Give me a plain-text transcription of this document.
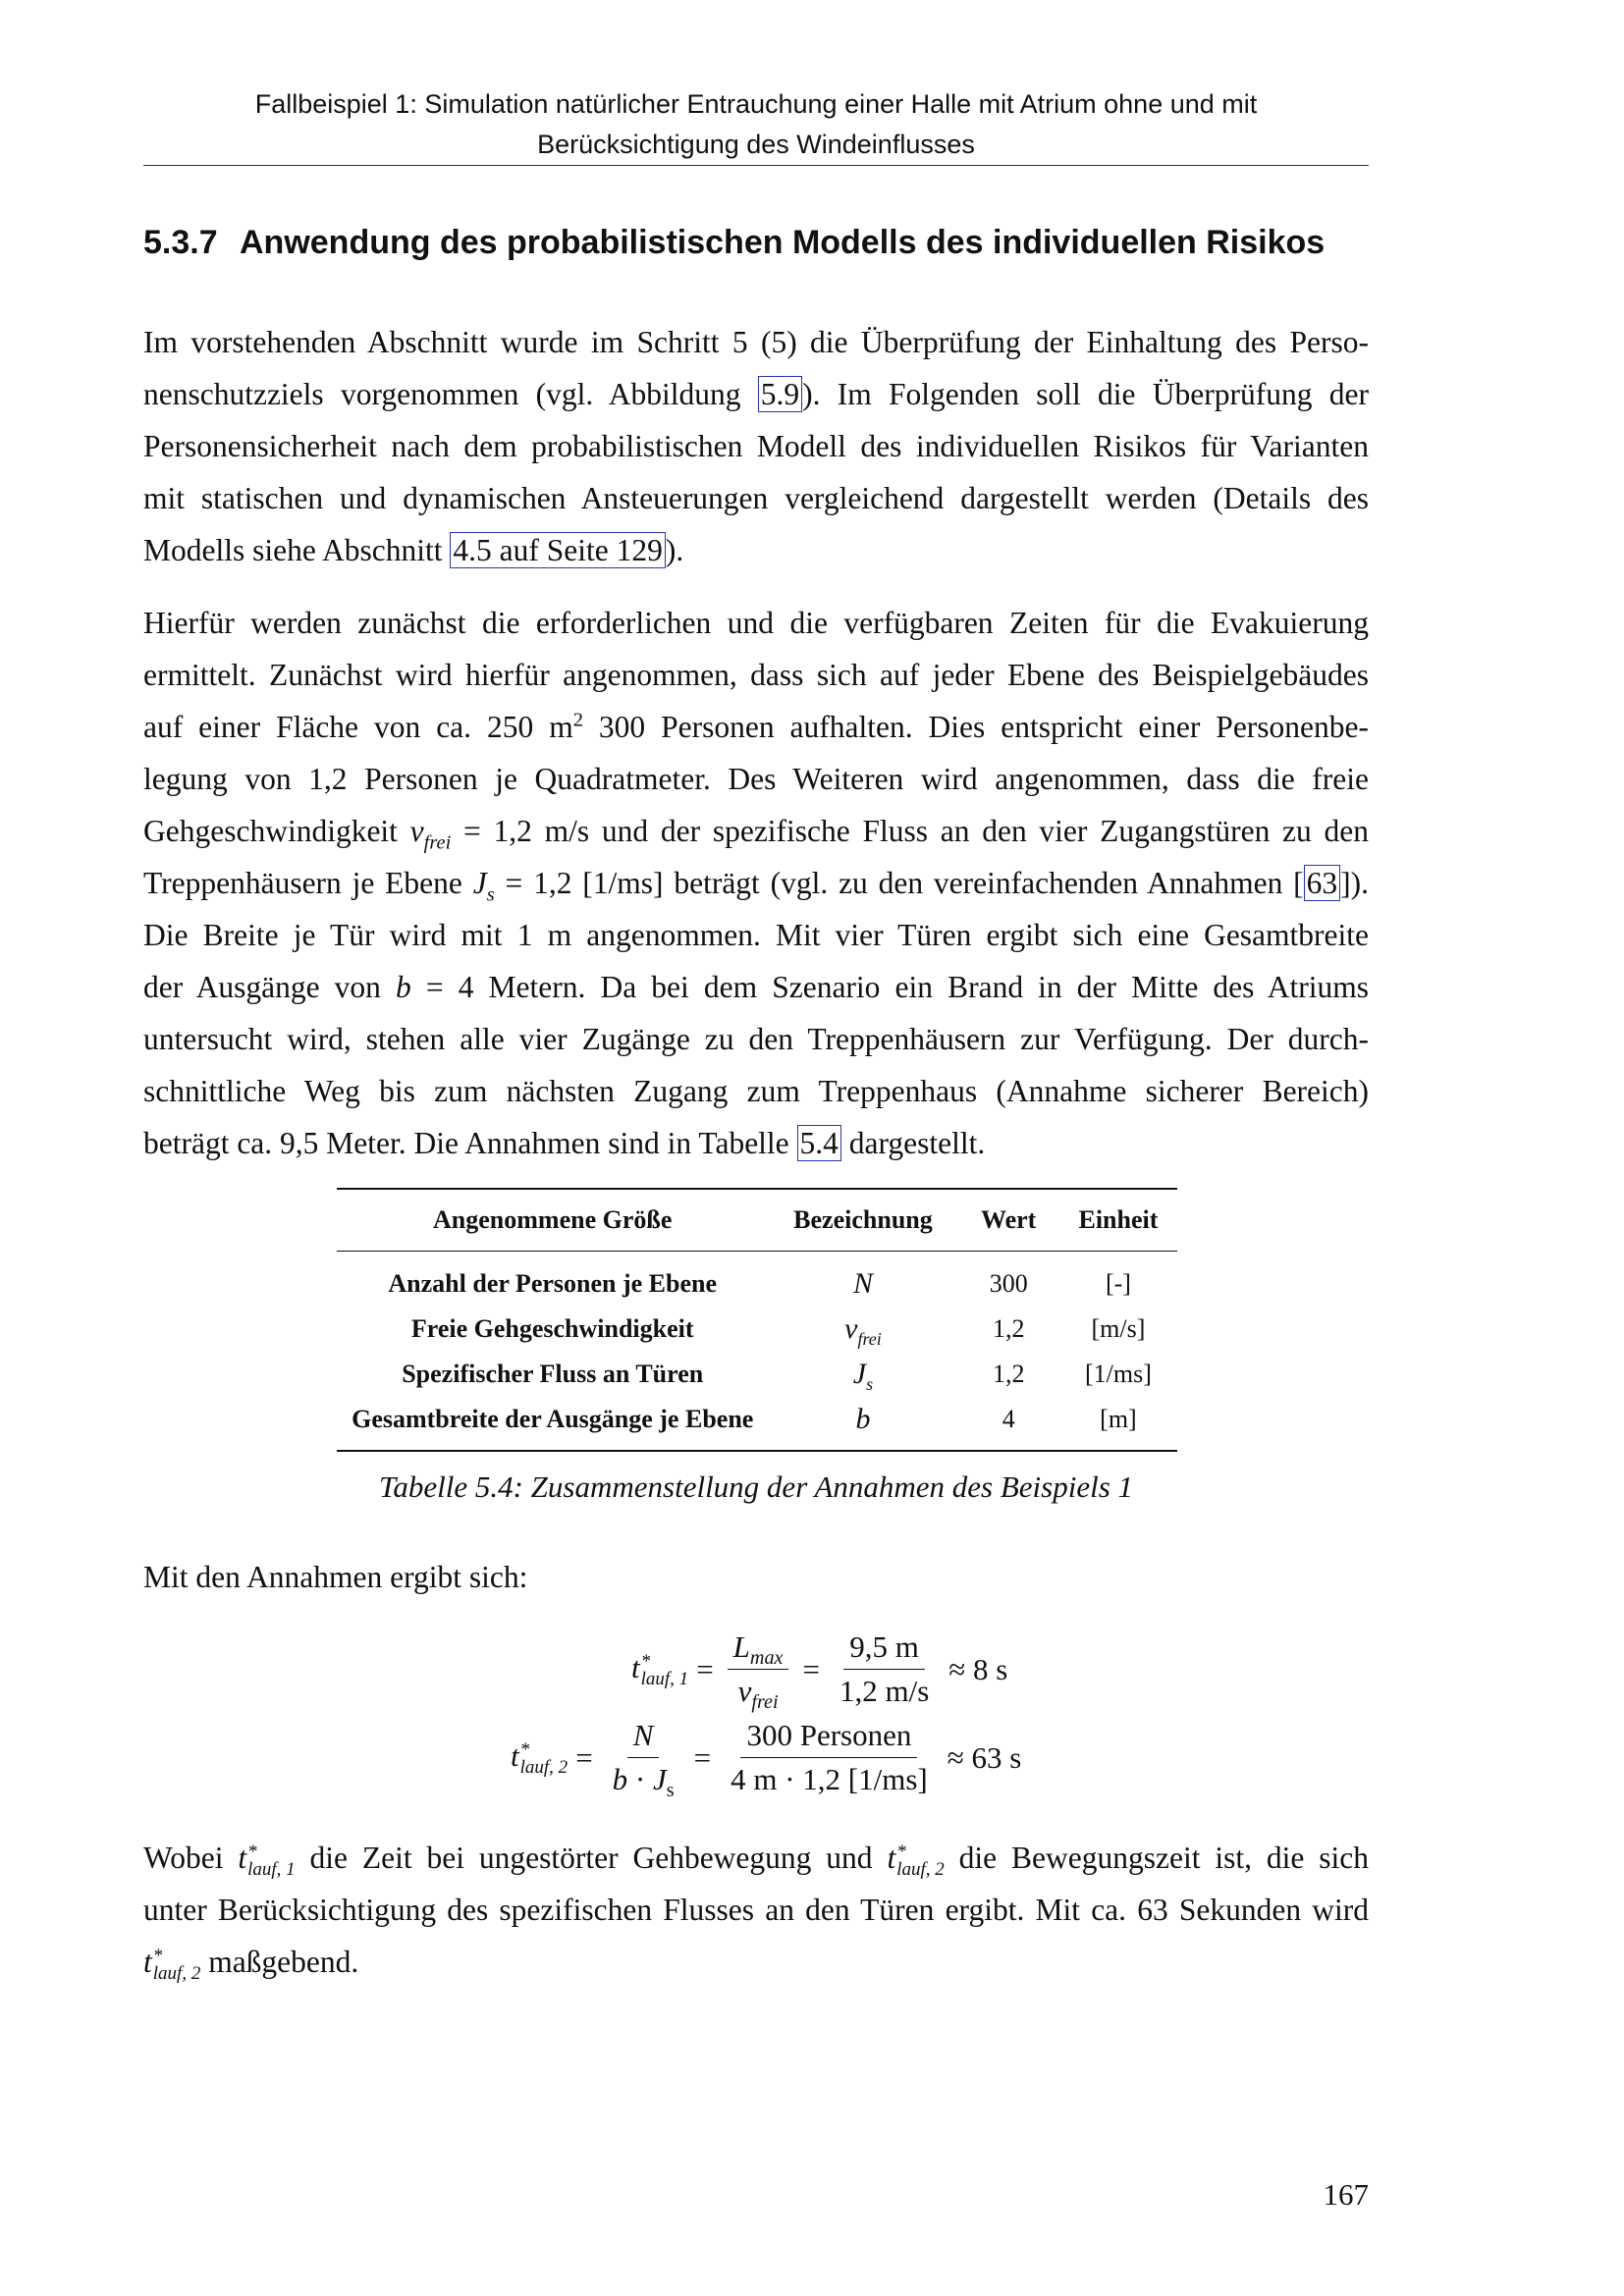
Fallbeispiel 1: Simulation natürlicher Entrauchung einer Halle mit Atrium ohne und mit
Berücksichtigung des Windeinflusses
5.3.7 Anwendung des probabilistischen Modells des individuellen Risikos
Im vorstehenden Abschnitt wurde im Schritt 5 (5) die Überprüfung der Einhaltung des Perso-
nenschutzziels vorgenommen (vgl. Abbildung 5.9). Im Folgenden soll die Überprüfung der
Personensicherheit nach dem probabilistischen Modell des individuellen Risikos für Varianten
mit statischen und dynamischen Ansteuerungen vergleichend dargestellt werden (Details des
Modells siehe Abschnitt 4.5 auf Seite 129).
Hierfür werden zunächst die erforderlichen und die verfügbaren Zeiten für die Evakuierung
ermittelt. Zunächst wird hierfür angenommen, dass sich auf jeder Ebene des Beispielgebäudes
auf einer Fläche von ca. 250 $m^2$ 300 Personen aufhalten. Dies entspricht einer Personenbe-
legung von 1,2 Personen je Quadratmeter. Des Weiteren wird angenommen, dass die freie
Gehgeschwindigkeit $v_{frei} = 1,2$ m/s und der spezifische Fluss an den vier Zugangstüren zu den
Treppenhäusern je Ebene $J_s = 1,2$ [1/ms] beträgt (vgl. zu den vereinfachenden Annahmen [63]).
Die Breite je Tür wird mit 1 m angenommen. Mit vier Türen ergibt sich eine Gesamtbreite
der Ausgänge von b = 4 Metern. Da bei dem Szenario ein Brand in der Mitte des Atriums
untersucht wird, stehen alle vier Zugänge zu den Treppenhäusern zur Verfügung. Der durch-
schnittliche Weg bis zum nächsten Zugang zum Treppenhaus (Annahme sicherer Bereich)
beträgt ca. 9,5 Meter. Die Annahmen sind in Tabelle 5.4 dargestellt.
Angenommene Größe	Bezeichnung	Wert	Einheit
Anzahl der Personen je Ebene	N	300	[-]
Freie Gehgeschwindigkeit	$v_{frei}$	1,2	[m/s]
Spezifischer Fluss an Türen	$J_s$	1,2	[1/ms]
Gesamtbreite der Ausgänge je Ebene	b	4	[m]
Tabelle 5.4: Zusammenstellung der Annahmen des Beispiels 1
Mit den Annahmen ergibt sich:
t *
lauf, $1 = \frac{L_{max}}{v_{frei}} = \frac{9,5 m}{1,2 m/s} \approx 8$ s
t *
lauf, $2 = \frac{N}{b \cdot J_s} = \frac{\text{300 Personen}}{4 m \cdot 1,2 [1/ms]} \approx 63$ s
Wobei t *
lauf, 1 die Zeit bei ungestörter Gehbewegung und t *
lauf, 2 die Bewegungszeit ist, die sich
unter Berücksichtigung des spezifischen Flusses an den Türen ergibt. Mit ca. 63 Sekunden wird
t *
lauf, 2 maßgebend.
167
